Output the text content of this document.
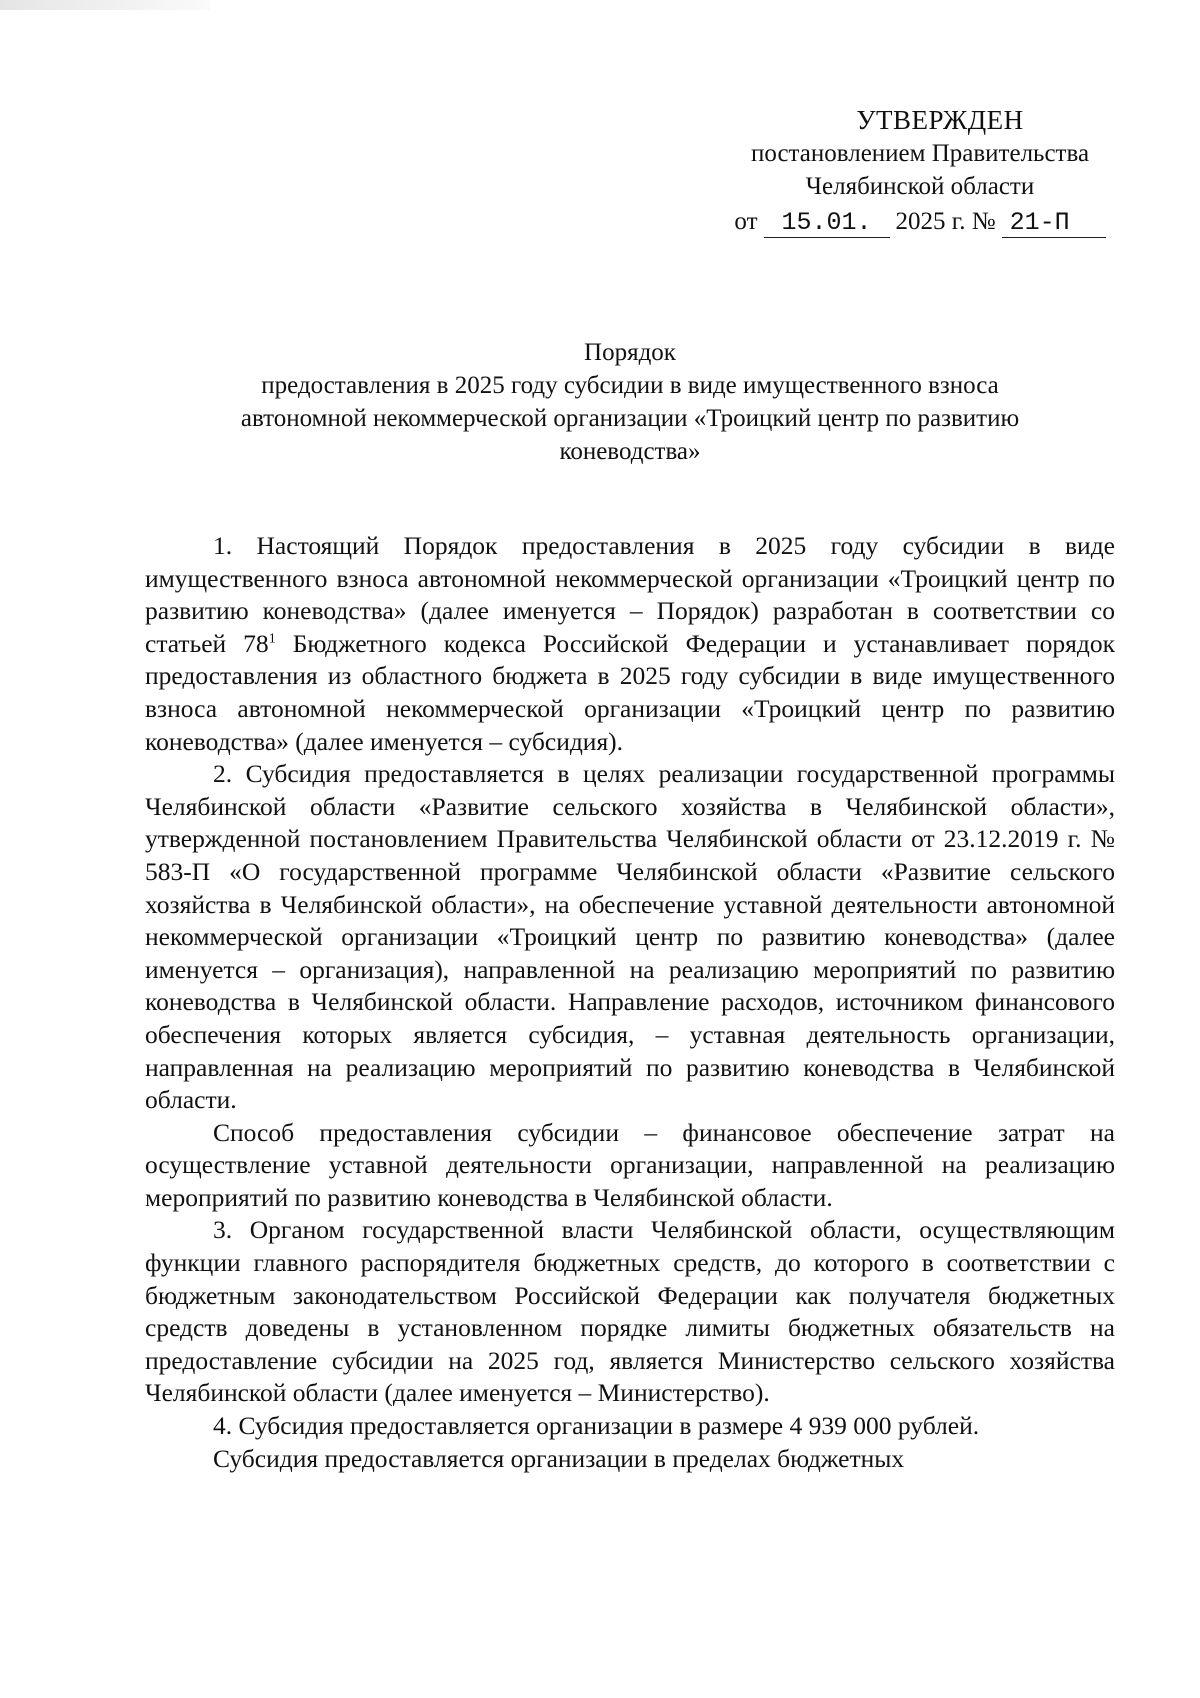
УТВЕРЖДЕН
постановлением Правительства
Челябинской области
от 15.01. 2025 г. № 21-П
Порядок
предоставления в 2025 году субсидии в виде имущественного взноса
автономной некоммерческой организации «Троицкий центр по развитию
коневодства»

1. Настоящий Порядок предоставления в 2025 году субсидии в виде имущественного взноса автономной некоммерческой организации «Троицкий центр по развитию коневодства» (далее именуется – Порядок) разработан в соответствии со статьей $78^1$ Бюджетного кодекса Российской Федерации и устанавливает порядок предоставления из областного бюджета в 2025 году субсидии в виде имущественного взноса автономной некоммерческой организации «Троицкий центр по развитию коневодства» (далее именуется – субсидия).

2. Субсидия предоставляется в целях реализации государственной программы Челябинской области «Развитие сельского хозяйства в Челябинской области», утвержденной постановлением Правительства Челябинской области от 23.12.2019 г. № 583-П «О государственной программе Челябинской области «Развитие сельского хозяйства в Челябинской области», на обеспечение уставной деятельности автономной некоммерческой организации «Троицкий центр по развитию коневодства» (далее именуется – организация), направленной на реализацию мероприятий по развитию коневодства в Челябинской области. Направление расходов, источником финансового обеспечения которых является субсидия, – уставная деятельность организации, направленная на реализацию мероприятий по развитию коневодства в Челябинской области.

Способ предоставления субсидии – финансовое обеспечение затрат на осуществление уставной деятельности организации, направленной на реализацию мероприятий по развитию коневодства в Челябинской области.

3. Органом государственной власти Челябинской области, осуществляющим функции главного распорядителя бюджетных средств, до которого в соответствии с бюджетным законодательством Российской Федерации как получателя бюджетных средств доведены в установленном порядке лимиты бюджетных обязательств на предоставление субсидии на 2025 год, является Министерство сельского хозяйства Челябинской области (далее именуется – Министерство).

4. Субсидия предоставляется организации в размере 4 939 000 рублей.

Субсидия предоставляется организации в пределах бюджетных
